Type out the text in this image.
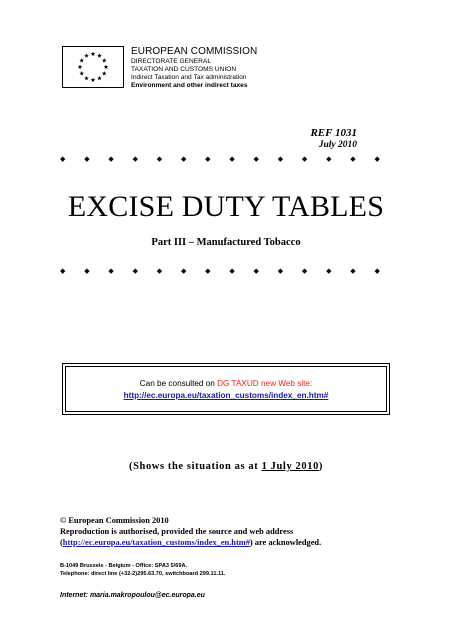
EUROPEAN COMMISSION
DIRECTORATE GENERAL
TAXATION AND CUSTOMS UNION
Indirect Taxation and Tax administration
Environment and other indirect taxes
REF 1031
July 2010
◆	◆	◆	◆	◆	◆	◆	◆	◆	◆	◆	◆	◆	◆
◆	◆	◆	◆	◆	◆	◆	◆	◆	◆	◆	◆	◆	◆
EXCISE DUTY TABLES
Part III – Manufactured Tobacco
Can be consulted on DG TAXUD new Web site:
http://ec.europa.eu/taxation_customs/index_en.htm#
(Shows the situation as at 1 July 2010)
© European Commission 2010
Reproduction is authorised, provided the source and web address
(http://ec.europa.eu/taxation_customs/index_en.htm#) are acknowledged.
B-1049 Brussels - Belgium - Office: SPA3 5/69A.
Telephone: direct line (+32-2)295.63.70, switchboard 299.11.11.
Internet: maria.makropoulou@ec.europa.eu
